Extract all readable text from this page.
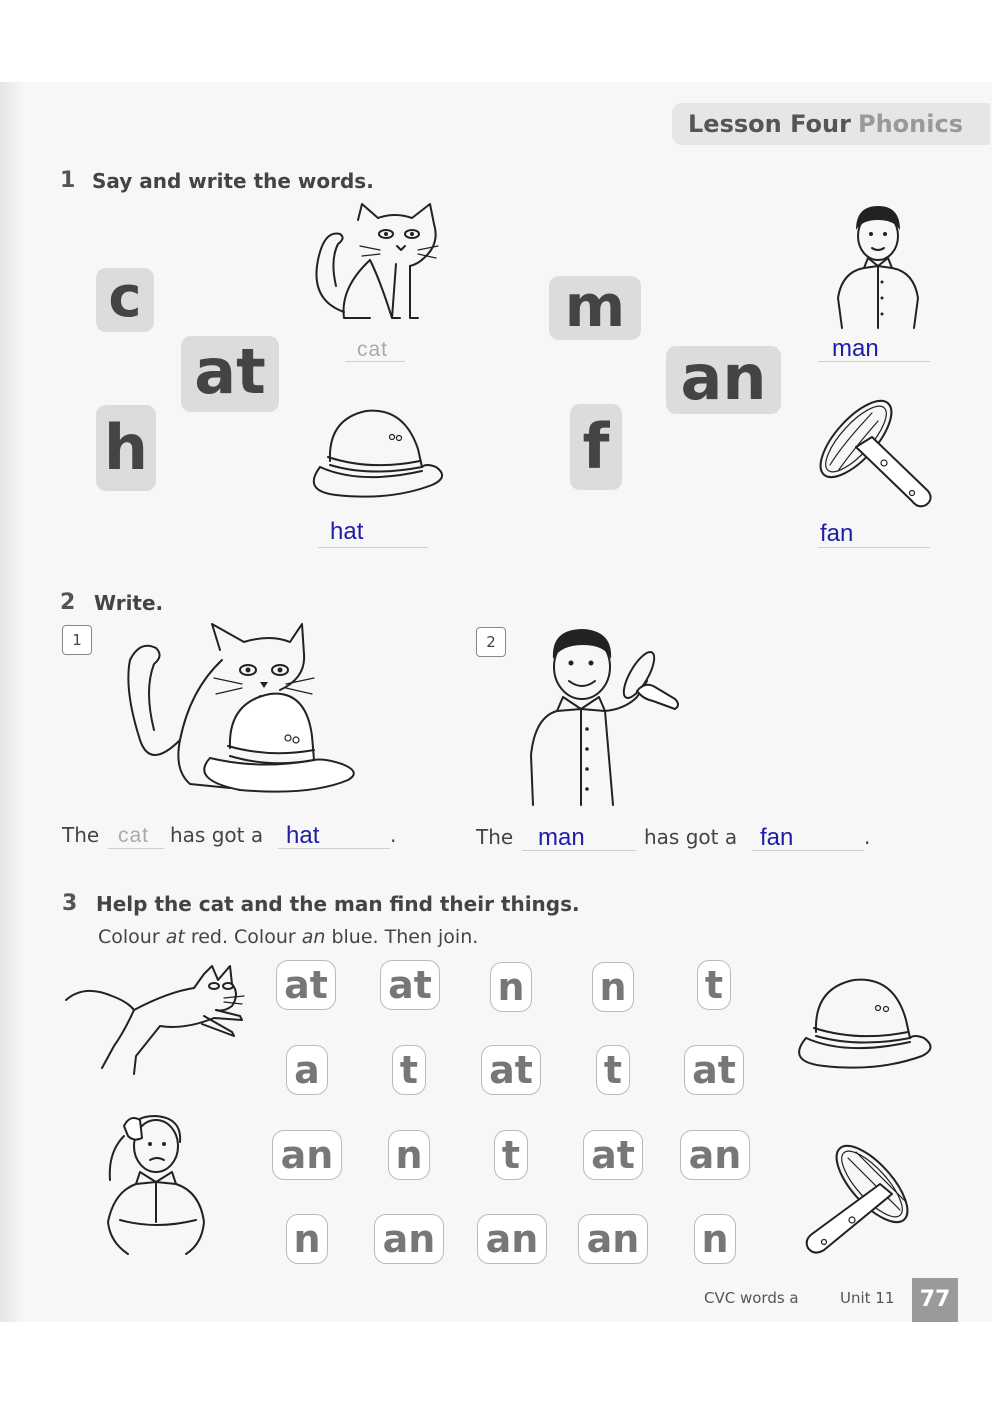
Lesson Four Phonics
1 Say and write the words.
c
at
h
m
an
f
cat
hat
man
fan
2 Write.
1	2
The cat has got a hat	.	The man	has got a fan	.
3 Help the cat and the man find their things.
Colour at red. Colour an blue. Then join.
at at n n t
a t at t at
an n t at an
n an an an n
CVC words a	Unit 11	77
